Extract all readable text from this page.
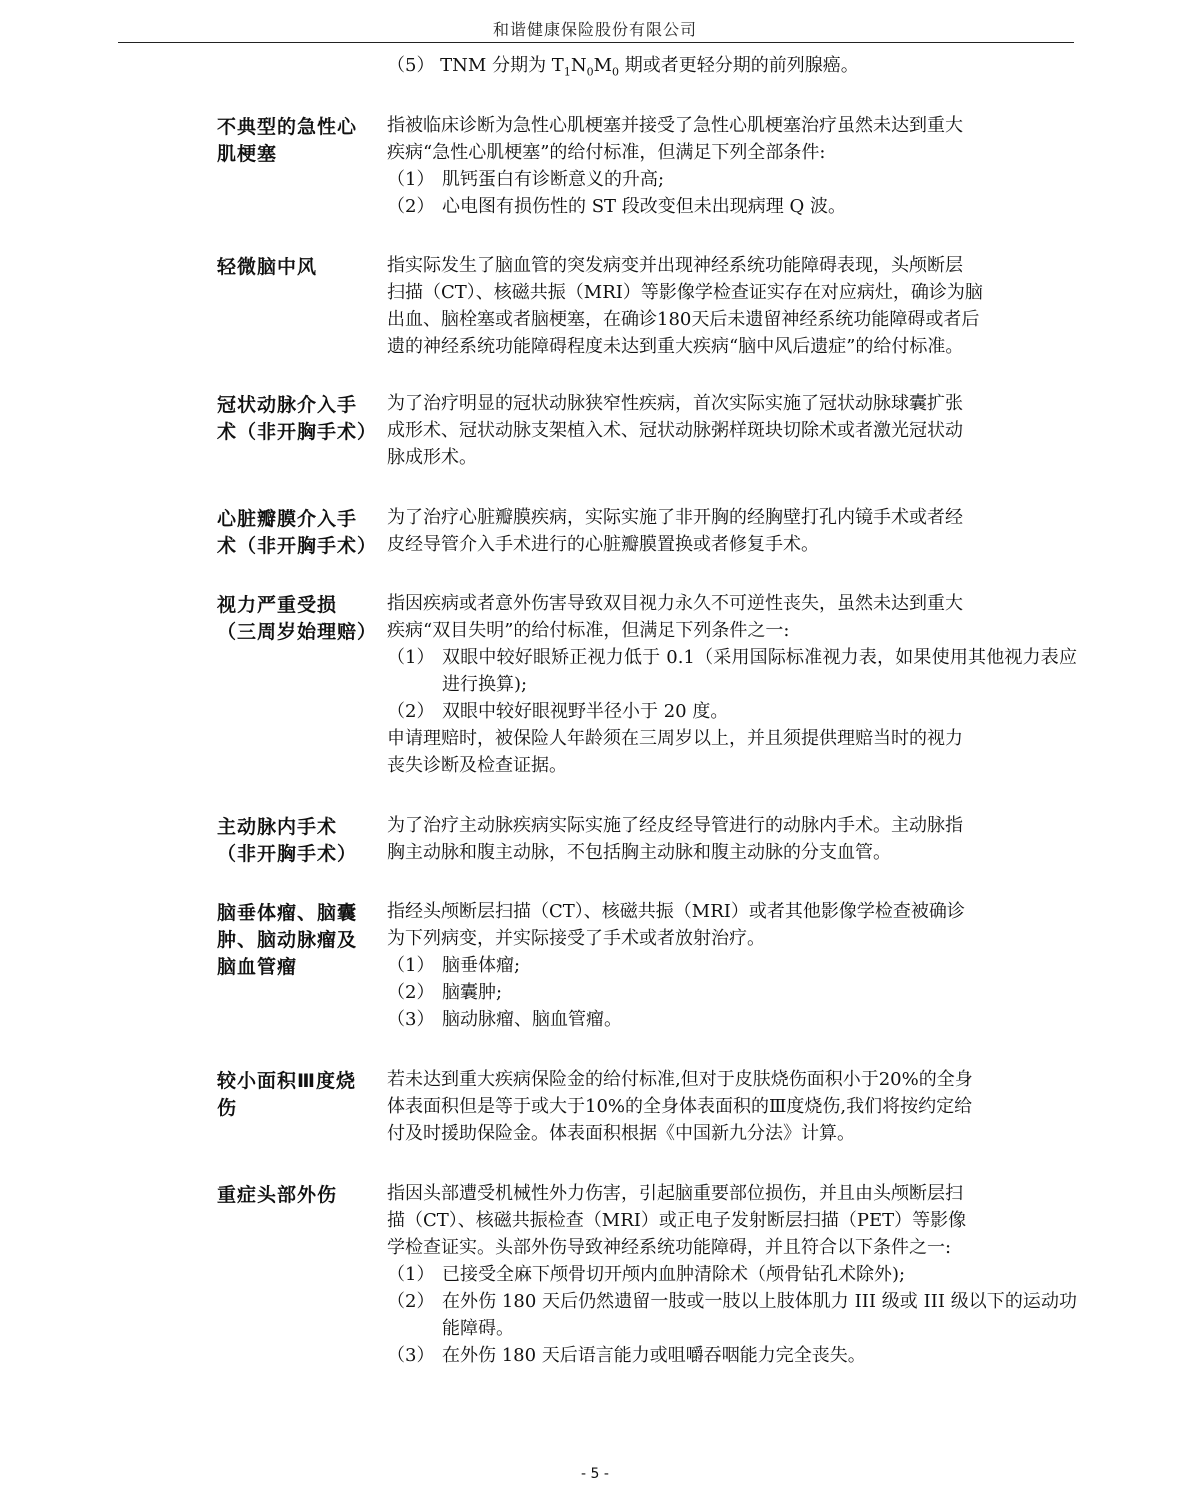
和谐健康保险股份有限公司
（5） TNM 分期为 $T_1N_0M_0$ 期或者更轻分期的前列腺癌。
不典型的急性心肌梗塞
指被临床诊断为急性心肌梗塞并接受了急性心肌梗塞治疗虽然未达到重大
疾病“急性心肌梗塞”的给付标准，但满足下列全部条件:
（1） 肌钙蛋白有诊断意义的升高;
（2） 心电图有损伤性的 ST 段改变但未出现病理 Q 波。
轻微脑中风	指实际发生了脑血管的突发病变并出现神经系统功能障碍表现，头颅断层
扫描（CT）、核磁共振（MRI）等影像学检查证实存在对应病灶，确诊为脑
出血、脑栓塞或者脑梗塞，在确诊180天后未遗留神经系统功能障碍或者后
遗的神经系统功能障碍程度未达到重大疾病“脑中风后遗症”的给付标准。
冠状动脉介入手术（非开胸手术）
为了治疗明显的冠状动脉狭窄性疾病，首次实际实施了冠状动脉球囊扩张
成形术、冠状动脉支架植入术、冠状动脉粥样斑块切除术或者激光冠状动
脉成形术。
心脏瓣膜介入手术（非开胸手术）
为了治疗心脏瓣膜疾病，实际实施了非开胸的经胸壁打孔内镜手术或者经
皮经导管介入手术进行的心脏瓣膜置换或者修复手术。
视力严重受损（三周岁始理赔）
指因疾病或者意外伤害导致双目视力永久不可逆性丧失，虽然未达到重大
疾病“双目失明”的给付标准，但满足下列条件之一:
（1） 双眼中较好眼矫正视力低于 0.1（采用国际标准视力表，如果使用其他视力表应进行换算);
（2） 双眼中较好眼视野半径小于 20 度。
申请理赔时，被保险人年龄须在三周岁以上，并且须提供理赔当时的视力
丧失诊断及检查证据。
主动脉内手术（非开胸手术）
为了治疗主动脉疾病实际实施了经皮经导管进行的动脉内手术。主动脉指
胸主动脉和腹主动脉，不包括胸主动脉和腹主动脉的分支血管。
脑垂体瘤、脑囊肿、脑动脉瘤及脑血管瘤
指经头颅断层扫描（CT）、核磁共振（MRI）或者其他影像学检查被确诊
为下列病变，并实际接受了手术或者放射治疗。
（1） 脑垂体瘤;
（2） 脑囊肿;
（3） 脑动脉瘤、脑血管瘤。
较小面积Ⅲ度烧伤
若未达到重大疾病保险金的给付标准,但对于皮肤烧伤面积小于20%的全身
体表面积但是等于或大于10%的全身体表面积的Ⅲ度烧伤,我们将按约定给
付及时援助保险金。体表面积根据《中国新九分法》计算。
重症头部外伤	指因头部遭受机械性外力伤害，引起脑重要部位损伤，并且由头颅断层扫
描（CT）、核磁共振检查（MRI）或正电子发射断层扫描（PET）等影像
学检查证实。头部外伤导致神经系统功能障碍，并且符合以下条件之一:
（1） 已接受全麻下颅骨切开颅内血肿清除术（颅骨钻孔术除外);
（2） 在外伤 180 天后仍然遗留一肢或一肢以上肢体肌力 III 级或 III 级以下的运动功能障碍。
（3） 在外伤 180 天后语言能力或咀嚼吞咽能力完全丧失。
- 5 -
